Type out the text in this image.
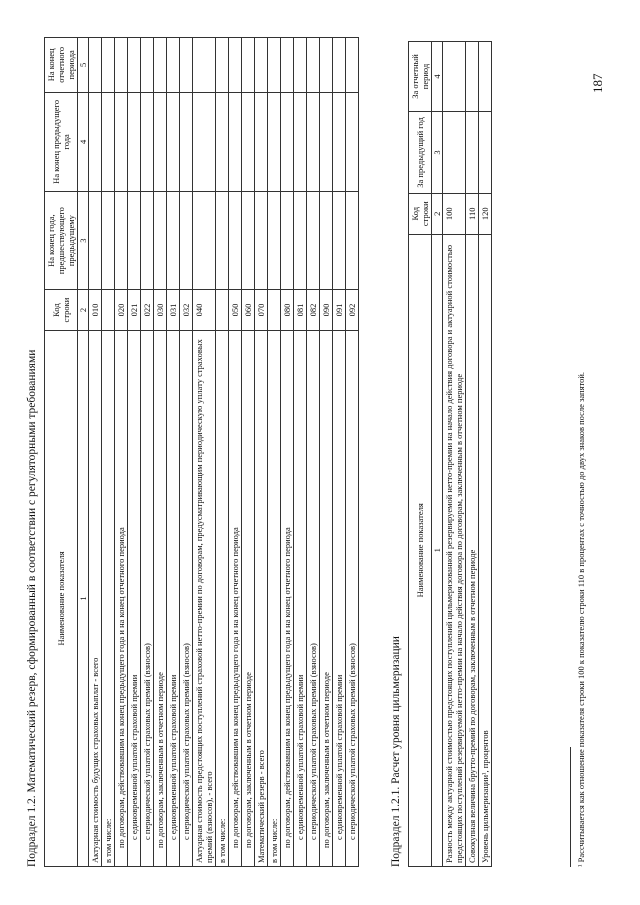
Подраздел 1.2. Математический резерв, сформированный в соответствии с регуляторными требованиями Наименование показателя	Код строки	На конец года, предшествующего предыдущему	На конец предыдущего года	На конец отчетного периода
1	2	3	4	5
Актуарная стоимость будущих страховых выплат - всего	010			
в том числе:				
по договорам, действовавшим на конец предыдущего года и на конец отчетного периода	020			
с единовременной уплатой страховой премии	021			
с периодической уплатой страховых премий (взносов)	022			
по договорам, заключенным в отчетном периоде	030			
с единовременной уплатой страховой премии	031			
с периодической уплатой страховых премий (взносов)	032			
Актуарная стоимость предстоящих поступлений страховой нетто-премии по договорам, предусматривающим периодическую уплату страховых премий (взносов), - всего	040			
в том числе:				
по договорам, действовавшим на конец предыдущего года и на конец отчетного периода	050			
по договорам, заключенным в отчетном периоде	060			
Математический резерв - всего	070			
в том числе:				
по договорам, действовавшим на конец предыдущего года и на конец отчетного периода	080			
с единовременной уплатой страховой премии	081			
с периодической уплатой страховых премий (взносов)	082			
по договорам, заключенным в отчетном периоде	090			
с единовременной уплатой страховой премии	091			
с периодической уплатой страховых премий (взносов)	092			
Подраздел 1.2.1. Расчет уровня цильмеризации
Наименование показателя	Код строки	За предыдущий год	За отчетный период
1	2	3	4
Разность между актуарной стоимостью предстоящих поступлений цильмеризованной резервируемой нетто-премии на начало действия договора и актуарной стоимостью предстоящих поступлений резервируемой нетто-премии на начало действия договора по договорам, заключенным в отчетном периоде	100		
Совокупная величина брутто-премий по договорам, заключенным в отчетном периоде	110		
Уровень цильмеризации¹, процентов	120		
¹ Рассчитывается как отношение показателя строки 100 к показателю строки 110 в процентах с точностью до двух знаков после запятой.
187
